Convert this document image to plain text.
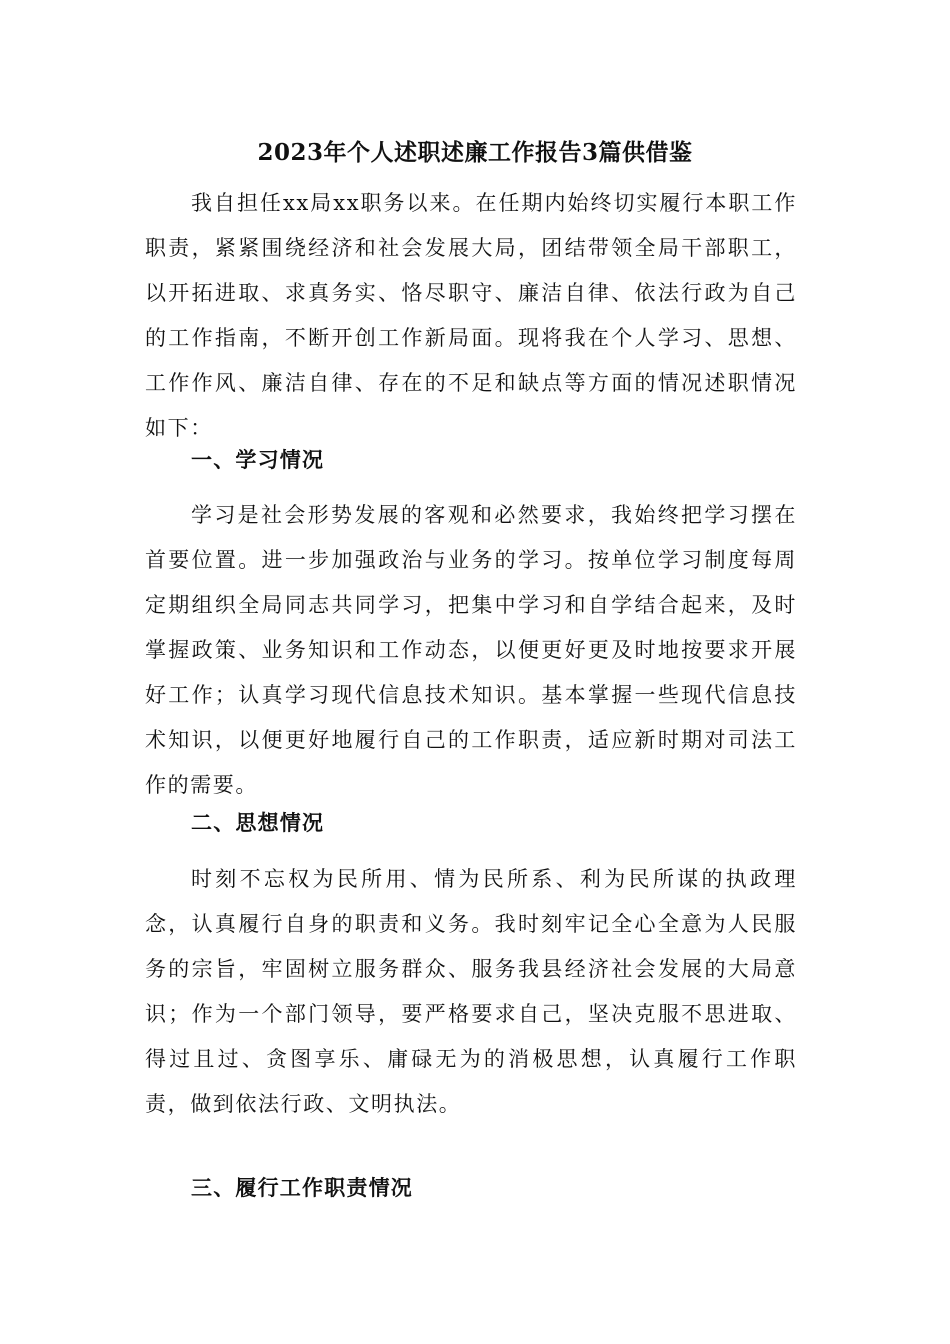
2023年个人述职述廉工作报告3篇供借鉴

我自担任xx局xx职务以来。在任期内始终切实履行本职工作职责，紧紧围绕经济和社会发展大局，团结带领全局干部职工，以开拓进取、求真务实、恪尽职守、廉洁自律、依法行政为自己的工作指南，不断开创工作新局面。现将我在个人学习、思想、工作作风、廉洁自律、存在的不足和缺点等方面的情况述职情况如下：

一、学习情况

学习是社会形势发展的客观和必然要求，我始终把学习摆在首要位置。进一步加强政治与业务的学习。按单位学习制度每周定期组织全局同志共同学习，把集中学习和自学结合起来，及时掌握政策、业务知识和工作动态，以便更好更及时地按要求开展好工作；认真学习现代信息技术知识。基本掌握一些现代信息技术知识，以便更好地履行自己的工作职责，适应新时期对司法工作的需要。

二、思想情况

时刻不忘权为民所用、情为民所系、利为民所谋的执政理念，认真履行自身的职责和义务。我时刻牢记全心全意为人民服务的宗旨，牢固树立服务群众、服务我县经济社会发展的大局意识；作为一个部门领导，要严格要求自己，坚决克服不思进取、得过且过、贪图享乐、庸碌无为的消极思想，认真履行工作职责，做到依法行政、文明执法。

三、履行工作职责情况
